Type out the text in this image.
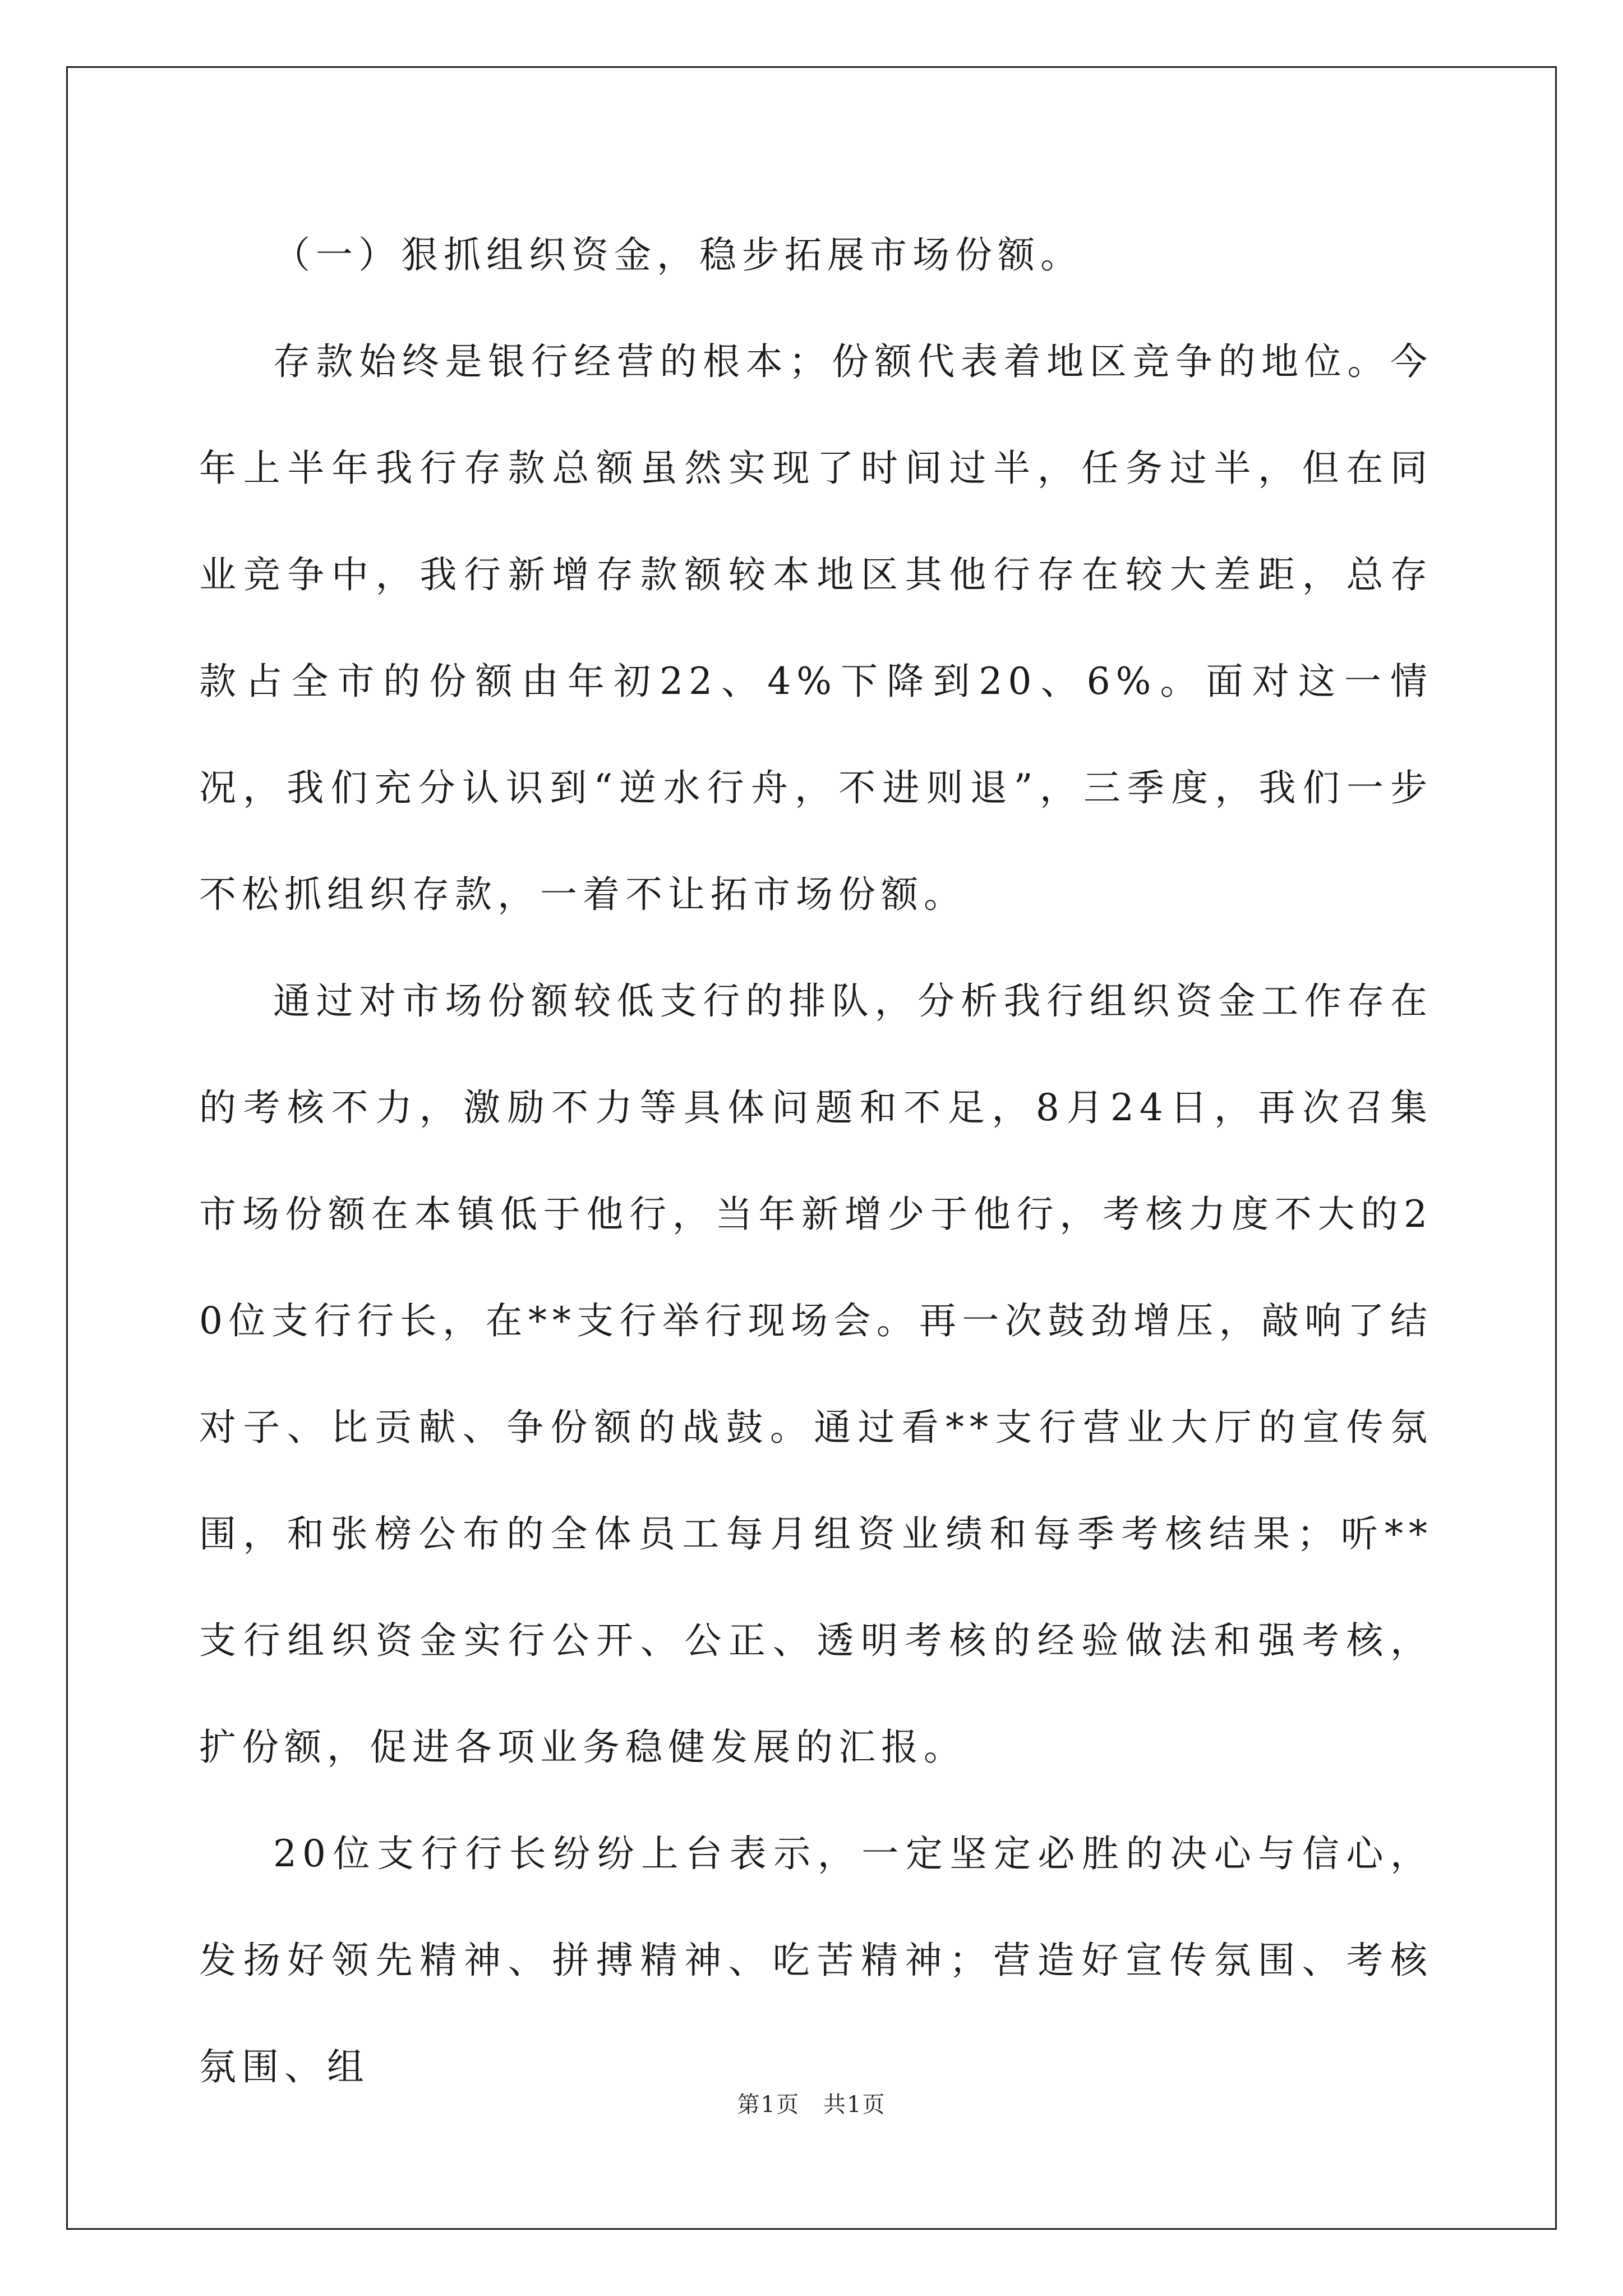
（一）狠抓组织资金，稳步拓展市场份额。

存款始终是银行经营的根本；份额代表着地区竞争的地位。今年上半年我行存款总额虽然实现了时间过半，任务过半，但在同业竞争中，我行新增存款额较本地区其他行存在较大差距，总存款占全市的份额由年初22、4%下降到20、6%。面对这一情况，我们充分认识到“逆水行舟，不进则退”，三季度，我们一步不松抓组织存款，一着不让拓市场份额。

通过对市场份额较低支行的排队，分析我行组织资金工作存在的考核不力，激励不力等具体问题和不足，8月24日，再次召集市场份额在本镇低于他行，当年新增少于他行，考核力度不大的20位支行行长，在**支行举行现场会。再一次鼓劲增压，敲响了结对子、比贡献、争份额的战鼓。通过看**支行营业大厅的宣传氛围，和张榜公布的全体员工每月组资业绩和每季考核结果；听**支行组织资金实行公开、公正、透明考核的经验做法和强考核，扩份额，促进各项业务稳健发展的汇报。

20位支行行长纷纷上台表示，一定坚定必胜的决心与信心，发扬好领先精神、拼搏精神、吃苦精神；营造好宣传氛围、考核氛围、组

第1页　共1页
